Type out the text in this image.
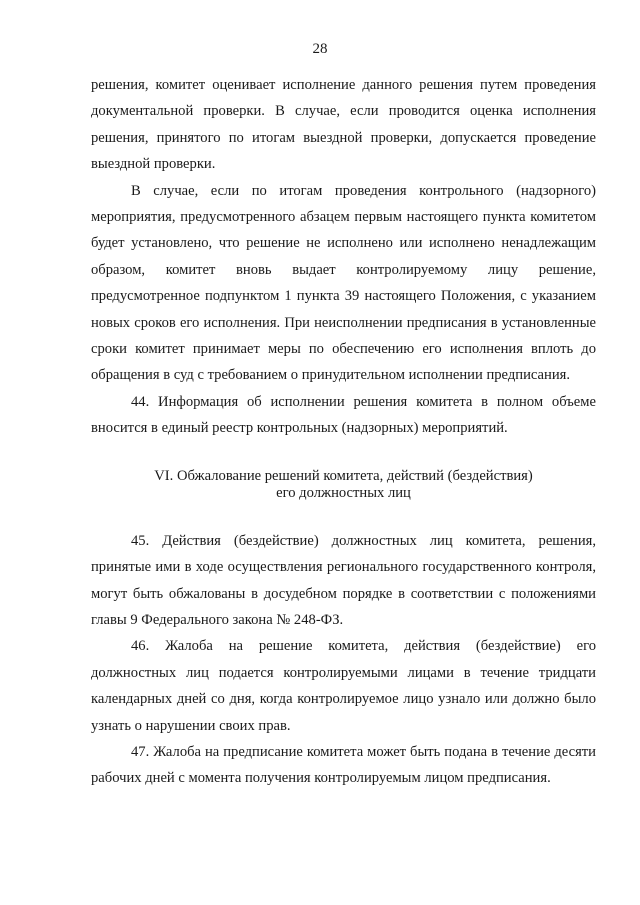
28

решения, комитет оценивает исполнение данного решения путем проведения документальной проверки. В случае, если проводится оценка исполнения решения, принятого по итогам выездной проверки, допускается проведение выездной проверки.

В случае, если по итогам проведения контрольного (надзорного) мероприятия, предусмотренного абзацем первым настоящего пункта комитетом будет установлено, что решение не исполнено или исполнено ненадлежащим образом, комитет вновь выдает контролируемому лицу решение, предусмотренное подпунктом 1 пункта 39 настоящего Положения, с указанием новых сроков его исполнения. При неисполнении предписания в установленные сроки комитет принимает меры по обеспечению его исполнения вплоть до обращения в суд с требованием о принудительном исполнении предписания.

44. Информация об исполнении решения комитета в полном объеме вносится в единый реестр контрольных (надзорных) мероприятий.

VI. Обжалование решений комитета, действий (бездействия)
его должностных лиц

45. Действия (бездействие) должностных лиц комитета, решения, принятые ими в ходе осуществления регионального государственного контроля, могут быть обжалованы в досудебном порядке в соответствии с положениями главы 9 Федерального закона № 248-ФЗ.

46. Жалоба на решение комитета, действия (бездействие) его должностных лиц подается контролируемыми лицами в течение тридцати календарных дней со дня, когда контролируемое лицо узнало или должно было узнать о нарушении своих прав.

47. Жалоба на предписание комитета может быть подана в течение десяти рабочих дней с момента получения контролируемым лицом предписания.
